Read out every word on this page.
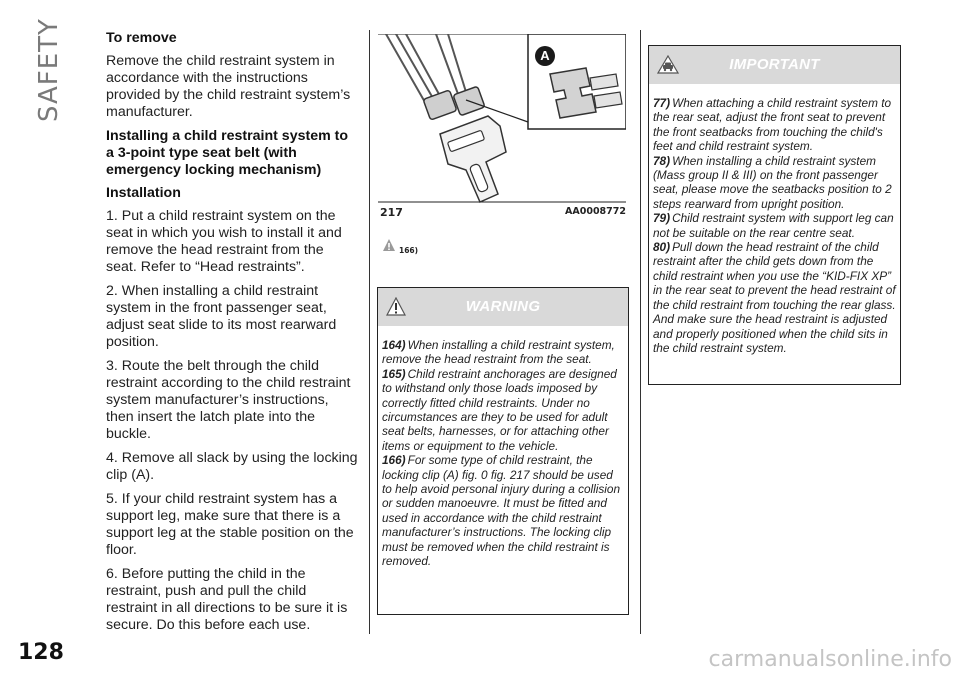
SAFETY	To remove

Remove the child restraint system in accordance with the instructions provided by the child restraint system’s manufacturer.

Installing a child restraint system to a 3-point type seat belt (with emergency locking mechanism)
Installation

1. Put a child restraint system on the seat in which you wish to install it and remove the head restraint from the seat. Refer to “Head restraints”.

2. When installing a child restraint system in the front passenger seat, adjust seat slide to its most rearward position.

3. Route the belt through the child restraint according to the child restraint system manufacturer’s instructions, then insert the latch plate into the buckle.

4. Remove all slack by using the locking clip (A).

5. If your child restraint system has a support leg, make sure that there is a support leg at the stable position on the floor.

6. Before putting the child in the restraint, push and pull the child restraint in all directions to be sure it is secure. Do this before each use.

A
217	AA0008772
166)
WARNING

164) When installing a child restraint system, remove the head restraint from the seat.

165) Child restraint anchorages are designed to withstand only those loads imposed by correctly fitted child restraints. Under no circumstances are they to be used for adult seat belts, harnesses, or for attaching other items or equipment to the vehicle.

166) For some type of child restraint, the locking clip (A) fig. 0 fig. 217 should be used to help avoid personal injury during a collision or sudden manoeuvre. It must be fitted and used in accordance with the child restraint manufacturer’s instructions. The locking clip must be removed when the child restraint is removed.

IMPORTANT

77) When attaching a child restraint system to the rear seat, adjust the front seat to prevent the front seatbacks from touching the child's feet and child restraint system.

78) When installing a child restraint system (Mass group II & III) on the front passenger seat, please move the seatbacks position to 2 steps rearward from upright position.

79) Child restraint system with support leg can not be suitable on the rear centre seat.

80) Pull down the head restraint of the child restraint after the child gets down from the child restraint when you use the “KID-FIX XP” in the rear seat to prevent the head restraint of the child restraint from touching the rear glass. And make sure the head restraint is adjusted and properly positioned when the child sits in the child restraint system.

128	carmanualsonline.info
